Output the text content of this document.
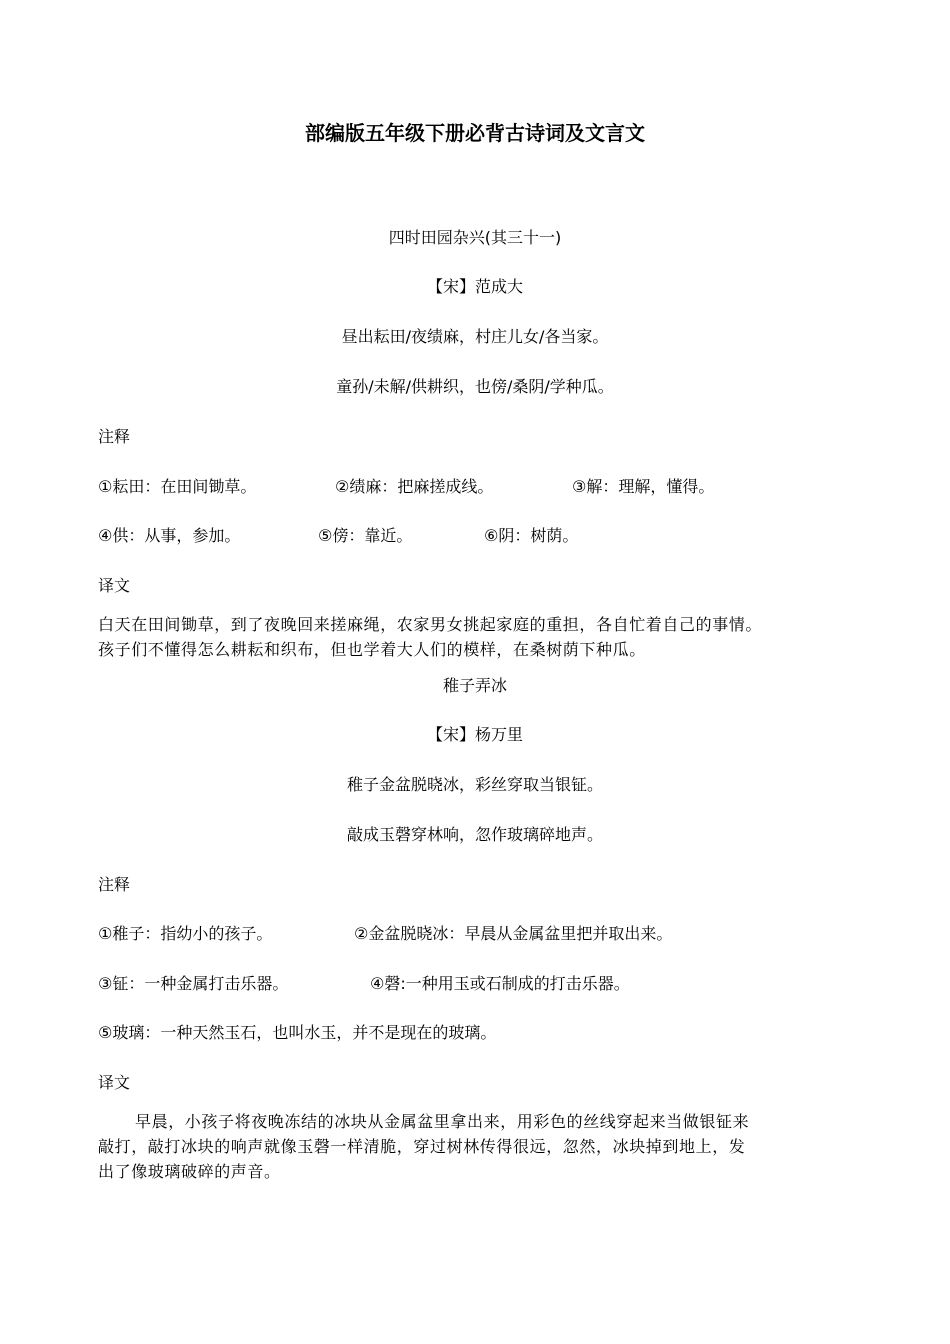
部编版五年级下册必背古诗词及文言文
四时田园杂兴(其三十一)
【宋】范成大
昼出耘田/夜绩麻，村庄儿女/各当家。
童孙/未解/供耕织，也傍/桑阴/学种瓜。
注释
①耘田：在田间锄草。	②绩麻：把麻搓成线。	③解：理解，懂得。
④供：从事，参加。	⑤傍：靠近。	⑥阴：树荫。
译文
白天在田间锄草，到了夜晚回来搓麻绳，农家男女挑起家庭的重担，各自忙着自己的事情。
孩子们不懂得怎么耕耘和织布，但也学着大人们的模样，在桑树荫下种瓜。
稚子弄冰
【宋】杨万里
稚子金盆脱晓冰，彩丝穿取当银钲。
敲成玉磬穿林响，忽作玻璃碎地声。
注释
①稚子：指幼小的孩子。	②金盆脱晓冰：早晨从金属盆里把并取出来。
③钲：一种金属打击乐器。	④磬:一种用玉或石制成的打击乐器。
⑤玻璃：一种天然玉石，也叫水玉，并不是现在的玻璃。
译文
早晨，小孩子将夜晚冻结的冰块从金属盆里拿出来，用彩色的丝线穿起来当做银钲来
敲打，敲打冰块的响声就像玉磬一样清脆，穿过树林传得很远，忽然，冰块掉到地上，发
出了像玻璃破碎的声音。
